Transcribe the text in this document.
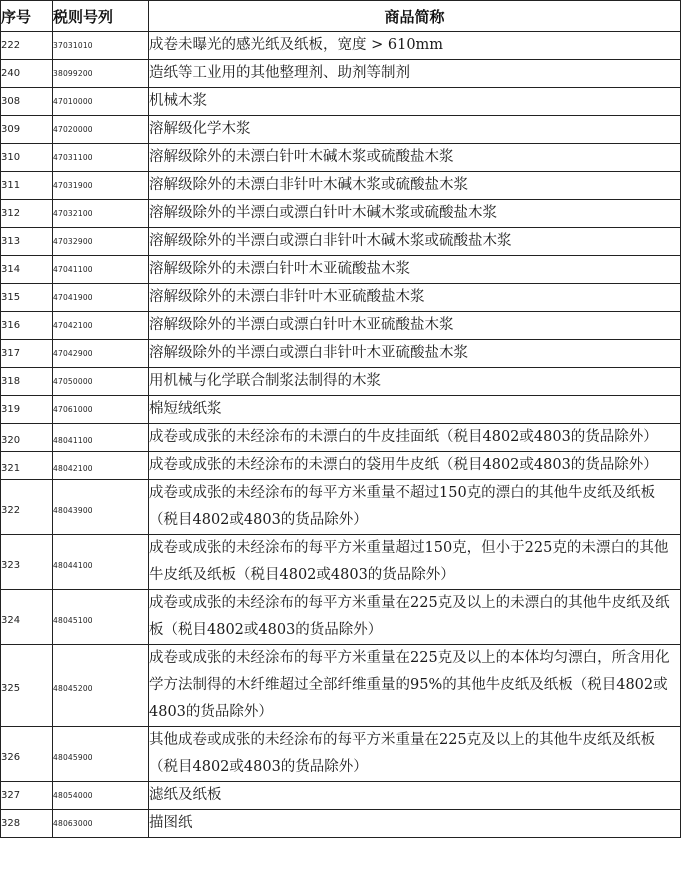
序号	税则号列	商品简称
222	37031010	成卷未曝光的感光纸及纸板，宽度 > 610mm
240	38099200	造纸等工业用的其他整理剂、助剂等制剂
308	47010000	机械木浆
309	47020000	溶解级化学木浆
310	47031100	溶解级除外的未漂白针叶木碱木浆或硫酸盐木浆
311	47031900	溶解级除外的未漂白非针叶木碱木浆或硫酸盐木浆
312	47032100	溶解级除外的半漂白或漂白针叶木碱木浆或硫酸盐木浆
313	47032900	溶解级除外的半漂白或漂白非针叶木碱木浆或硫酸盐木浆
314	47041100	溶解级除外的未漂白针叶木亚硫酸盐木浆
315	47041900	溶解级除外的未漂白非针叶木亚硫酸盐木浆
316	47042100	溶解级除外的半漂白或漂白针叶木亚硫酸盐木浆
317	47042900	溶解级除外的半漂白或漂白非针叶木亚硫酸盐木浆
318	47050000	用机械与化学联合制浆法制得的木浆
319	47061000	棉短绒纸浆
320	48041100	成卷或成张的未经涂布的未漂白的牛皮挂面纸（税目4802或4803的货品除外）
321	48042100	成卷或成张的未经涂布的未漂白的袋用牛皮纸（税目4802或4803的货品除外）
322	48043900	成卷或成张的未经涂布的每平方米重量不超过150克的漂白的其他牛皮纸及纸板（税目4802或4803的货品除外）
323	48044100	成卷或成张的未经涂布的每平方米重量超过150克，但小于225克的未漂白的其他牛皮纸及纸板（税目4802或4803的货品除外）
324	48045100	成卷或成张的未经涂布的每平方米重量在225克及以上的未漂白的其他牛皮纸及纸板（税目4802或4803的货品除外）
325	48045200	成卷或成张的未经涂布的每平方米重量在225克及以上的本体均匀漂白，所含用化学方法制得的木纤维超过全部纤维重量的95%的其他牛皮纸及纸板（税目4802或4803的货品除外）
326	48045900	其他成卷或成张的未经涂布的每平方米重量在225克及以上的其他牛皮纸及纸板（税目4802或4803的货品除外）
327	48054000	滤纸及纸板
328	48063000	描图纸
